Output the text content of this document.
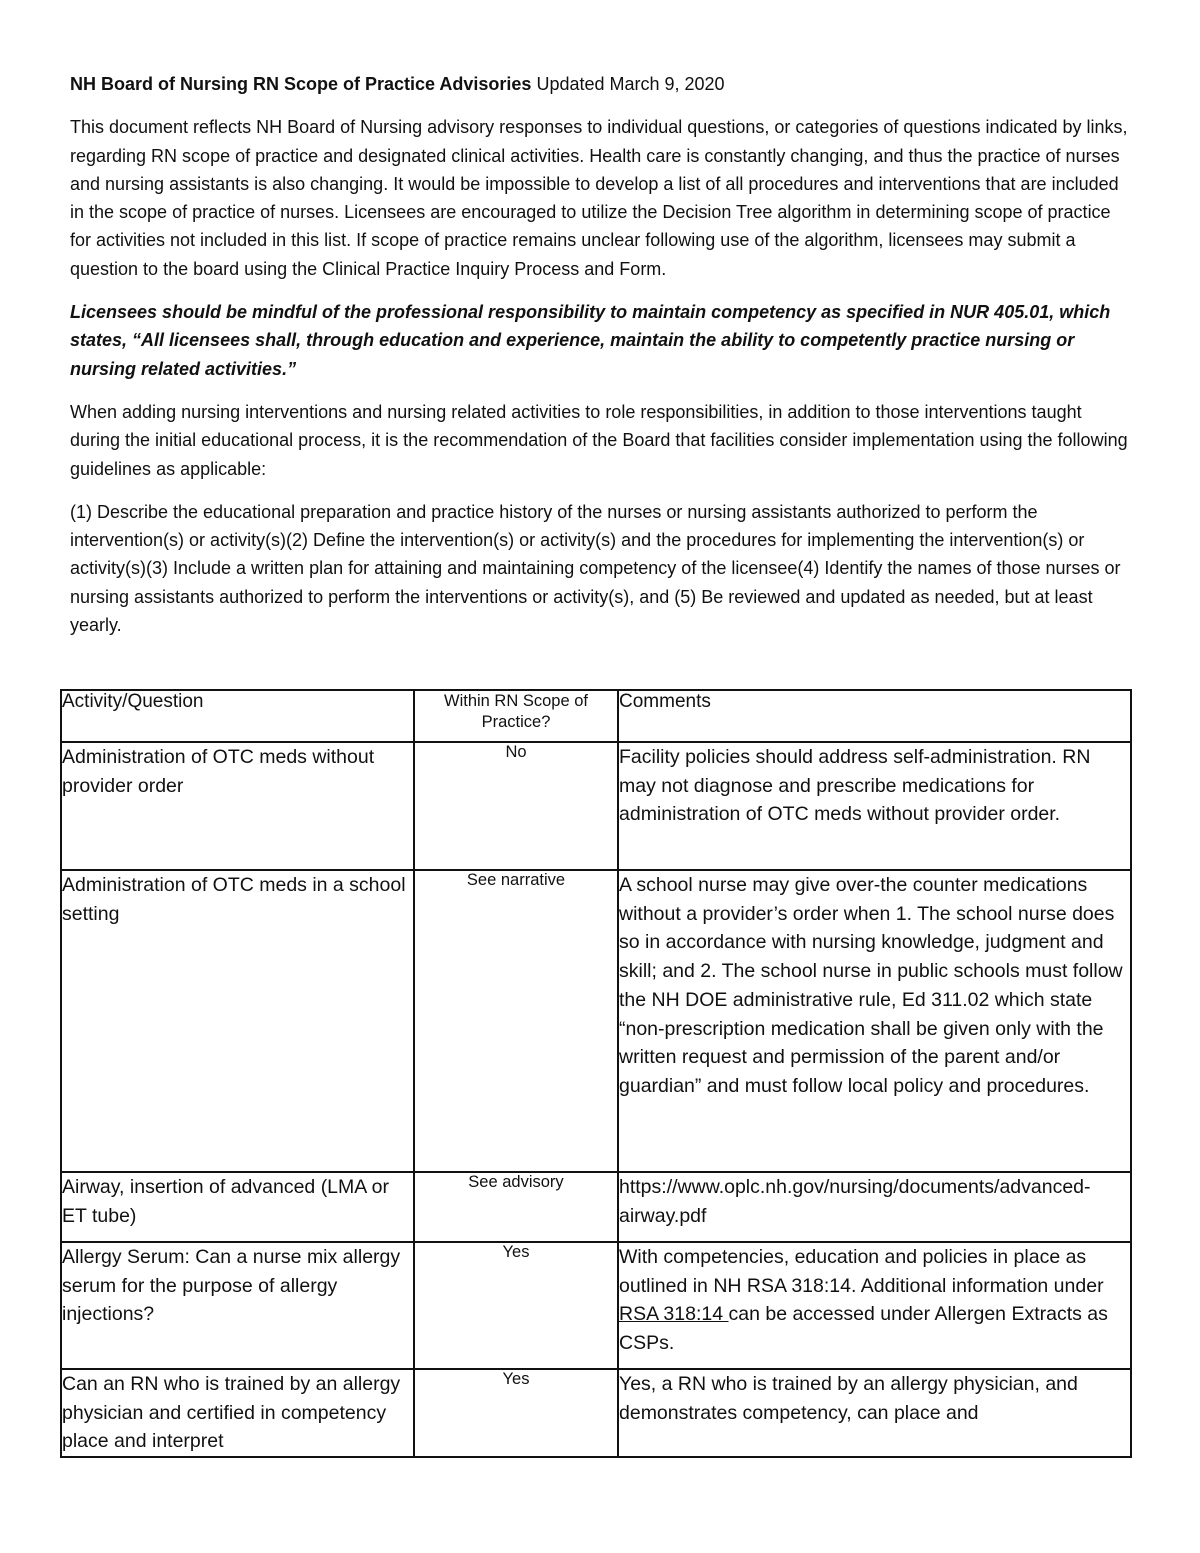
NH Board of Nursing RN Scope of Practice Advisories Updated March 9, 2020

This document reflects NH Board of Nursing advisory responses to individual questions, or categories of questions indicated by links, regarding RN scope of practice and designated clinical activities. Health care is constantly changing, and thus the practice of nurses and nursing assistants is also changing. It would be impossible to develop a list of all procedures and interventions that are included in the scope of practice of nurses. Licensees are encouraged to utilize the Decision Tree algorithm in determining scope of practice for activities not included in this list. If scope of practice remains unclear following use of the algorithm, licensees may submit a question to the board using the Clinical Practice Inquiry Process and Form.

Licensees should be mindful of the professional responsibility to maintain competency as specified in NUR 405.01, which states, “All licensees shall, through education and experience, maintain the ability to competently practice nursing or nursing related activities.”

When adding nursing interventions and nursing related activities to role responsibilities, in addition to those interventions taught during the initial educational process, it is the recommendation of the Board that facilities consider implementation using the following guidelines as applicable:

(1) Describe the educational preparation and practice history of the nurses or nursing assistants authorized to perform the intervention(s) or activity(s)(2) Define the intervention(s) or activity(s) and the procedures for implementing the intervention(s) or activity(s)(3) Include a written plan for attaining and maintaining competency of the licensee(4) Identify the names of those nurses or nursing assistants authorized to perform the interventions or activity(s), and (5) Be reviewed and updated as needed, but at least yearly.

Activity/Question	Within RN Scope of Practice?	Comments
Administration of OTC meds without provider order	No	Facility policies should address self-administration. RN may not diagnose and prescribe medications for administration of OTC meds without provider order.
Administration of OTC meds in a school setting	See narrative	A school nurse may give over-the counter medications without a provider’s order when 1. The school nurse does so in accordance with nursing knowledge, judgment and skill; and 2. The school nurse in public schools must follow the NH DOE administrative rule, Ed 311.02 which state “non-prescription medication shall be given only with the written request and permission of the parent and/or guardian” and must follow local policy and procedures.
Airway, insertion of advanced (LMA or ET tube)	See advisory	https://www.oplc.nh.gov/nursing/documents/advanced- airway.pdf
Allergy Serum: Can a nurse mix allergy serum for the purpose of allergy injections?	Yes	With competencies, education and policies in place as outlined in NH RSA 318:14. Additional information under RSA 318:14 can be accessed under Allergen Extracts as CSPs.
Can an RN who is trained by an allergy physician and certified in competency place and interpret	Yes	Yes, a RN who is trained by an allergy physician, and demonstrates competency, can place and
